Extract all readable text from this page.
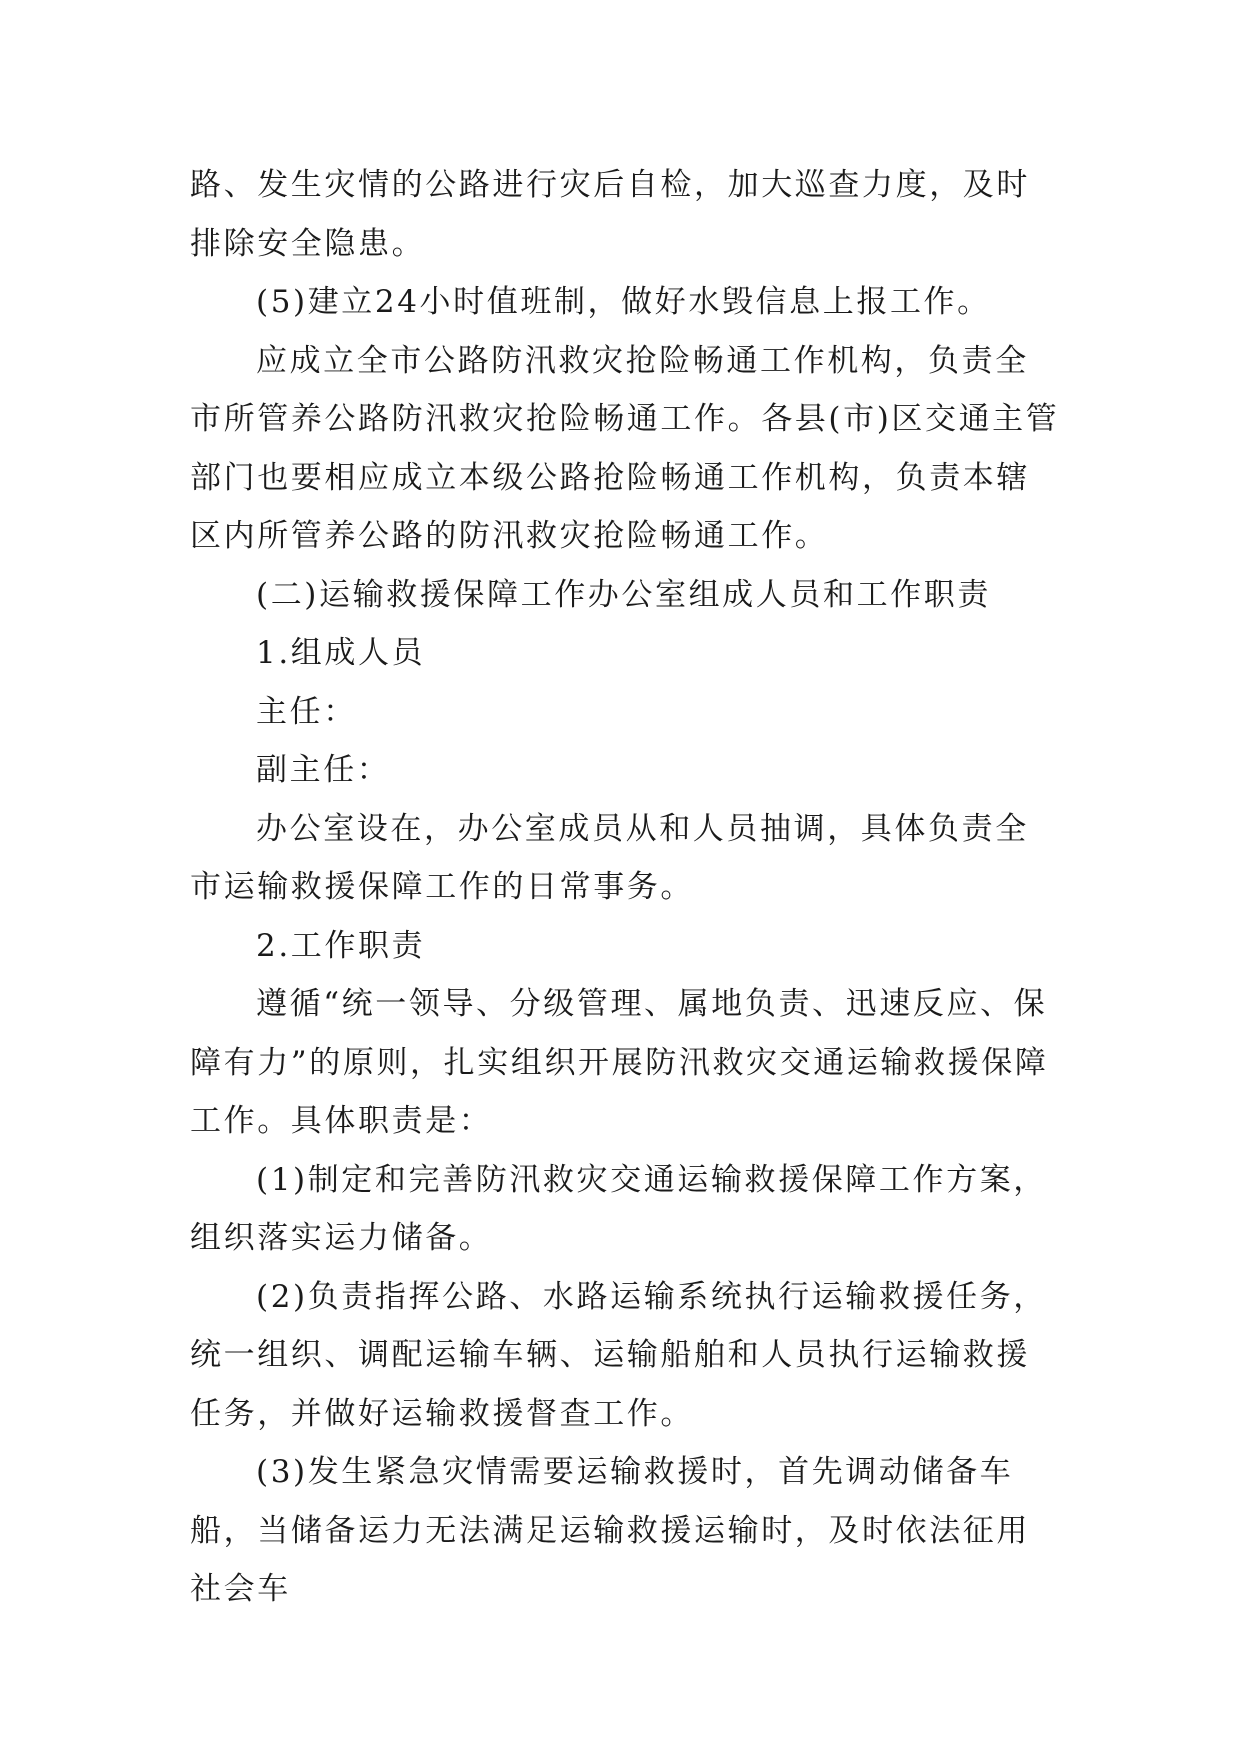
路、发生灾情的公路进行灾后自检，加大巡查力度，及时排除安全隐患。

(5)建立24小时值班制，做好水毁信息上报工作。

应成立全市公路防汛救灾抢险畅通工作机构，负责全市所管养公路防汛救灾抢险畅通工作。各县(市)区交通主管部门也要相应成立本级公路抢险畅通工作机构，负责本辖区内所管养公路的防汛救灾抢险畅通工作。

(二)运输救援保障工作办公室组成人员和工作职责

1.组成人员

主任：

副主任：

办公室设在，办公室成员从和人员抽调，具体负责全市运输救援保障工作的日常事务。

2.工作职责

遵循“统一领导、分级管理、属地负责、迅速反应、保障有力”的原则，扎实组织开展防汛救灾交通运输救援保障工作。具体职责是：

(1)制定和完善防汛救灾交通运输救援保障工作方案，组织落实运力储备。

(2)负责指挥公路、水路运输系统执行运输救援任务，统一组织、调配运输车辆、运输船舶和人员执行运输救援任务，并做好运输救援督查工作。

(3)发生紧急灾情需要运输救援时，首先调动储备车船，当储备运力无法满足运输救援运输时，及时依法征用社会车
